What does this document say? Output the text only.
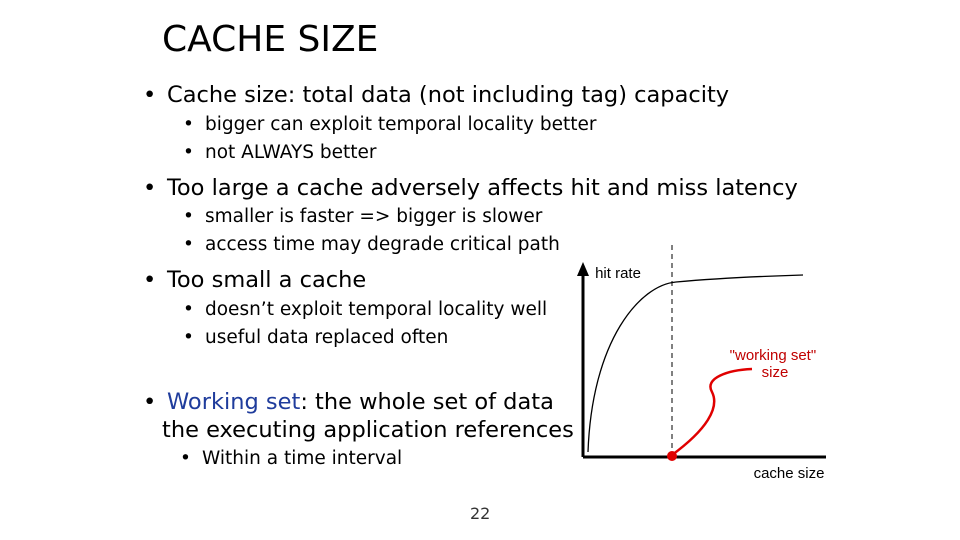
CACHE SIZE
• Cache size: total data (not including tag) capacity
• bigger can exploit temporal locality better
• not ALWAYS better
• Too large a cache adversely affects hit and miss latency
• smaller is faster => bigger is slower
• access time may degrade critical path
• Too small a cache
• doesn’t exploit temporal locality well
• useful data replaced often
• Working set: the whole set of data
the executing application references
• Within a time interval
hit rate
cache size
"working set" size
22
